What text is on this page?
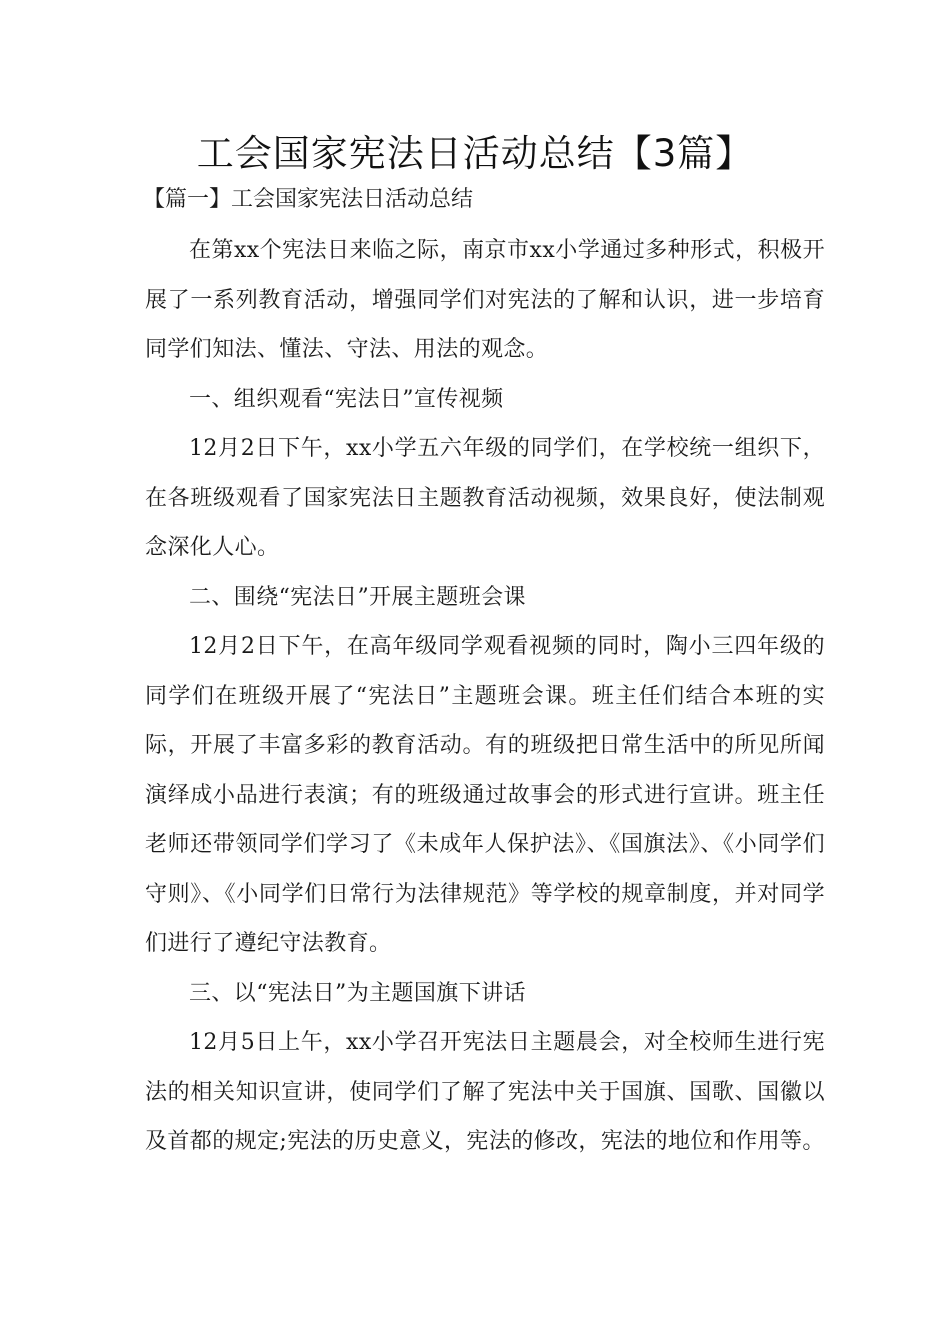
工会国家宪法日活动总结【3篇】

【篇一】工会国家宪法日活动总结

在第xx个宪法日来临之际，南京市xx小学通过多种形式，积极开展了一系列教育活动，增强同学们对宪法的了解和认识，进一步培育同学们知法、懂法、守法、用法的观念。

一、组织观看“宪法日”宣传视频

12月2日下午，xx小学五六年级的同学们，在学校统一组织下，在各班级观看了国家宪法日主题教育活动视频，效果良好，使法制观念深化人心。

二、围绕“宪法日”开展主题班会课

12月2日下午，在高年级同学观看视频的同时，陶小三四年级的同学们在班级开展了“宪法日”主题班会课。班主任们结合本班的实际，开展了丰富多彩的教育活动。有的班级把日常生活中的所见所闻演绎成小品进行表演；有的班级通过故事会的形式进行宣讲。班主任老师还带领同学们学习了《未成年人保护法》、《国旗法》、《小同学们守则》、《小同学们日常行为法律规范》等学校的规章制度，并对同学们进行了遵纪守法教育。

三、以“宪法日”为主题国旗下讲话

12月5日上午，xx小学召开宪法日主题晨会，对全校师生进行宪法的相关知识宣讲，使同学们了解了宪法中关于国旗、国歌、国徽以及首都的规定;宪法的历史意义，宪法的修改，宪法的地位和作用等。
